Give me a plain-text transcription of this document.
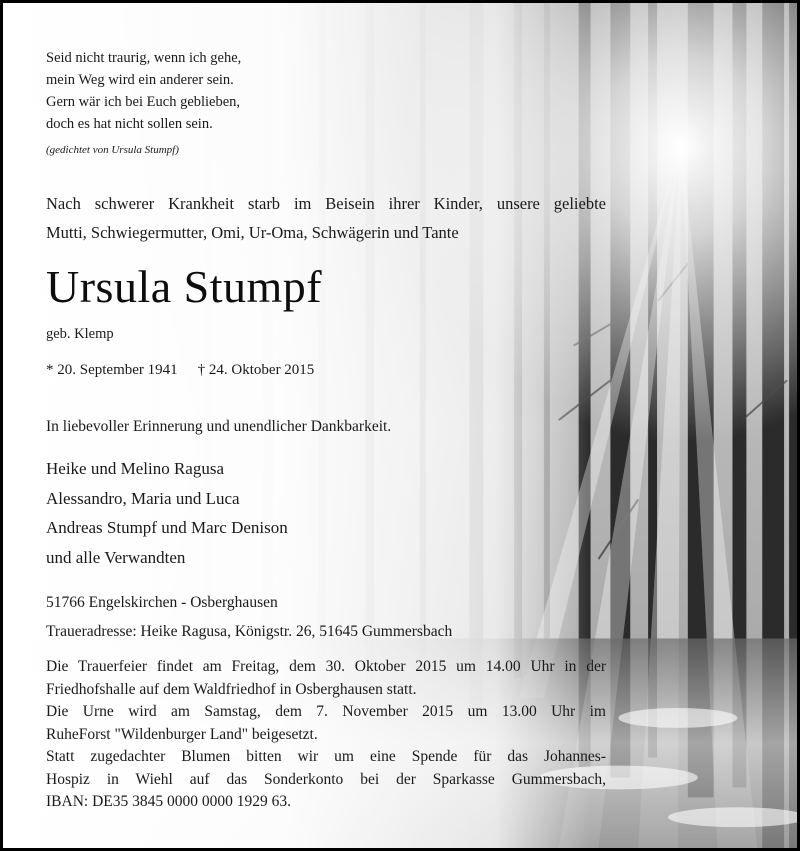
Seid nicht traurig, wenn ich gehe,
mein Weg wird ein anderer sein.
Gern wär ich bei Euch geblieben,
doch es hat nicht sollen sein.
(gedichtet von Ursula Stumpf)
Nach schwerer Krankheit starb im Beisein ihrer Kinder, unsere geliebte
Mutti, Schwiegermutter, Omi, Ur-Oma, Schwägerin und Tante
Ursula Stumpf
geb. Klemp
* 20. September 1941 † 24. Oktober 2015
In liebevoller Erinnerung und unendlicher Dankbarkeit.
Heike und Melino Ragusa
Alessandro, Maria und Luca
Andreas Stumpf und Marc Denison
und alle Verwandten
51766 Engelskirchen - Osberghausen
Traueradresse: Heike Ragusa, Königstr. 26, 51645 Gummersbach
Die Trauerfeier findet am Freitag, dem 30. Oktober 2015 um 14.00 Uhr in der
Friedhofshalle auf dem Waldfriedhof in Osberghausen statt.
Die Urne wird am Samstag, dem 7. November 2015 um 13.00 Uhr im
RuheForst "Wildenburger Land" beigesetzt.
Statt zugedachter Blumen bitten wir um eine Spende für das Johannes-
Hospiz in Wiehl auf das Sonderkonto bei der Sparkasse Gummersbach,
IBAN: DE35 3845 0000 0000 1929 63.
